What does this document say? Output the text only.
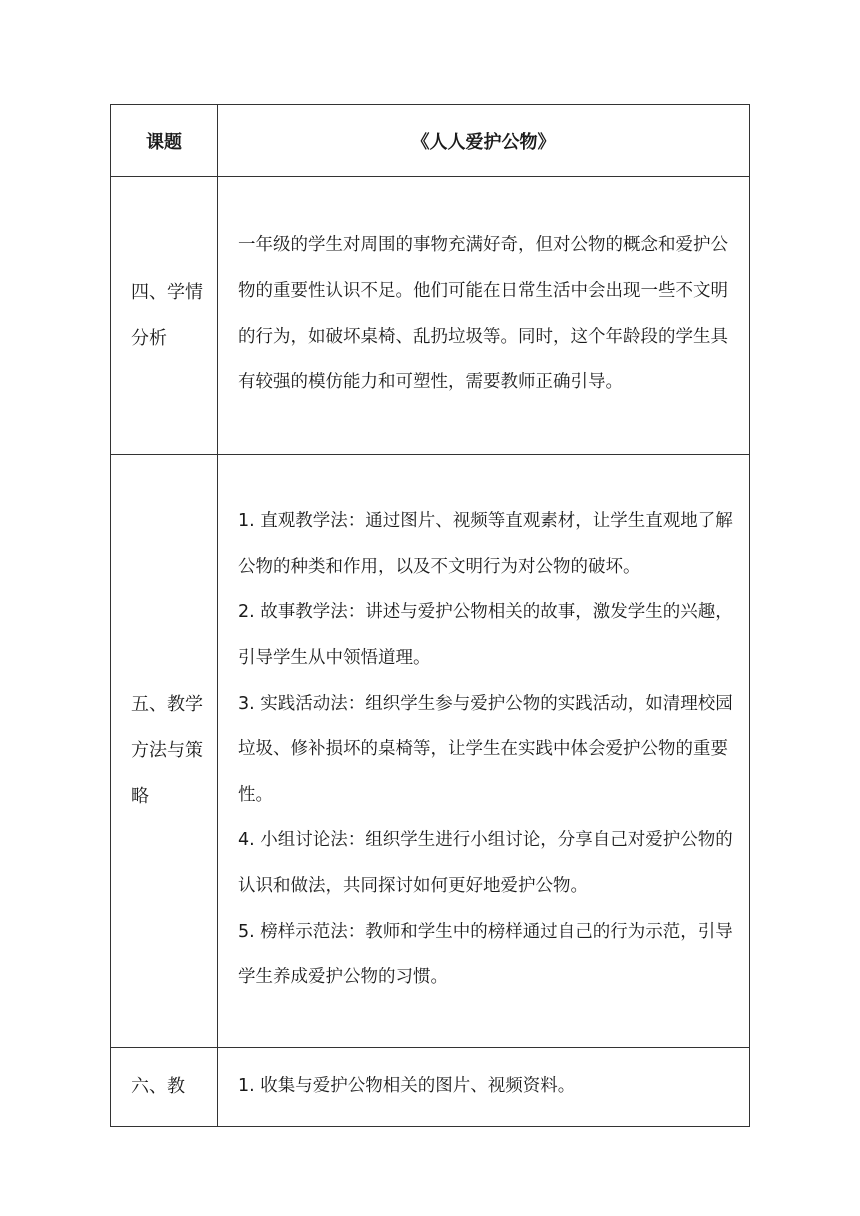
课题	《人人爱护公物》
四、学情分析	一年级的学生对周围的事物充满好奇，但对公物的概念和爱护公物的重要性认识不足。他们可能在日常生活中会出现一些不文明的行为，如破坏桌椅、乱扔垃圾等。同时，这个年龄段的学生具有较强的模仿能力和可塑性，需要教师正确引导。
五、教学方法与策略	1. 直观教学法：通过图片、视频等直观素材，让学生直观地了解公物的种类和作用，以及不文明行为对公物的破坏。
2. 故事教学法：讲述与爱护公物相关的故事，激发学生的兴趣，引导学生从中领悟道理。
3. 实践活动法：组织学生参与爱护公物的实践活动，如清理校园垃圾、修补损坏的桌椅等，让学生在实践中体会爱护公物的重要性。
4. 小组讨论法：组织学生进行小组讨论，分享自己对爱护公物的认识和做法，共同探讨如何更好地爱护公物。
5. 榜样示范法：教师和学生中的榜样通过自己的行为示范，引导学生养成爱护公物的习惯。

六、教	1. 收集与爱护公物相关的图片、视频资料。
